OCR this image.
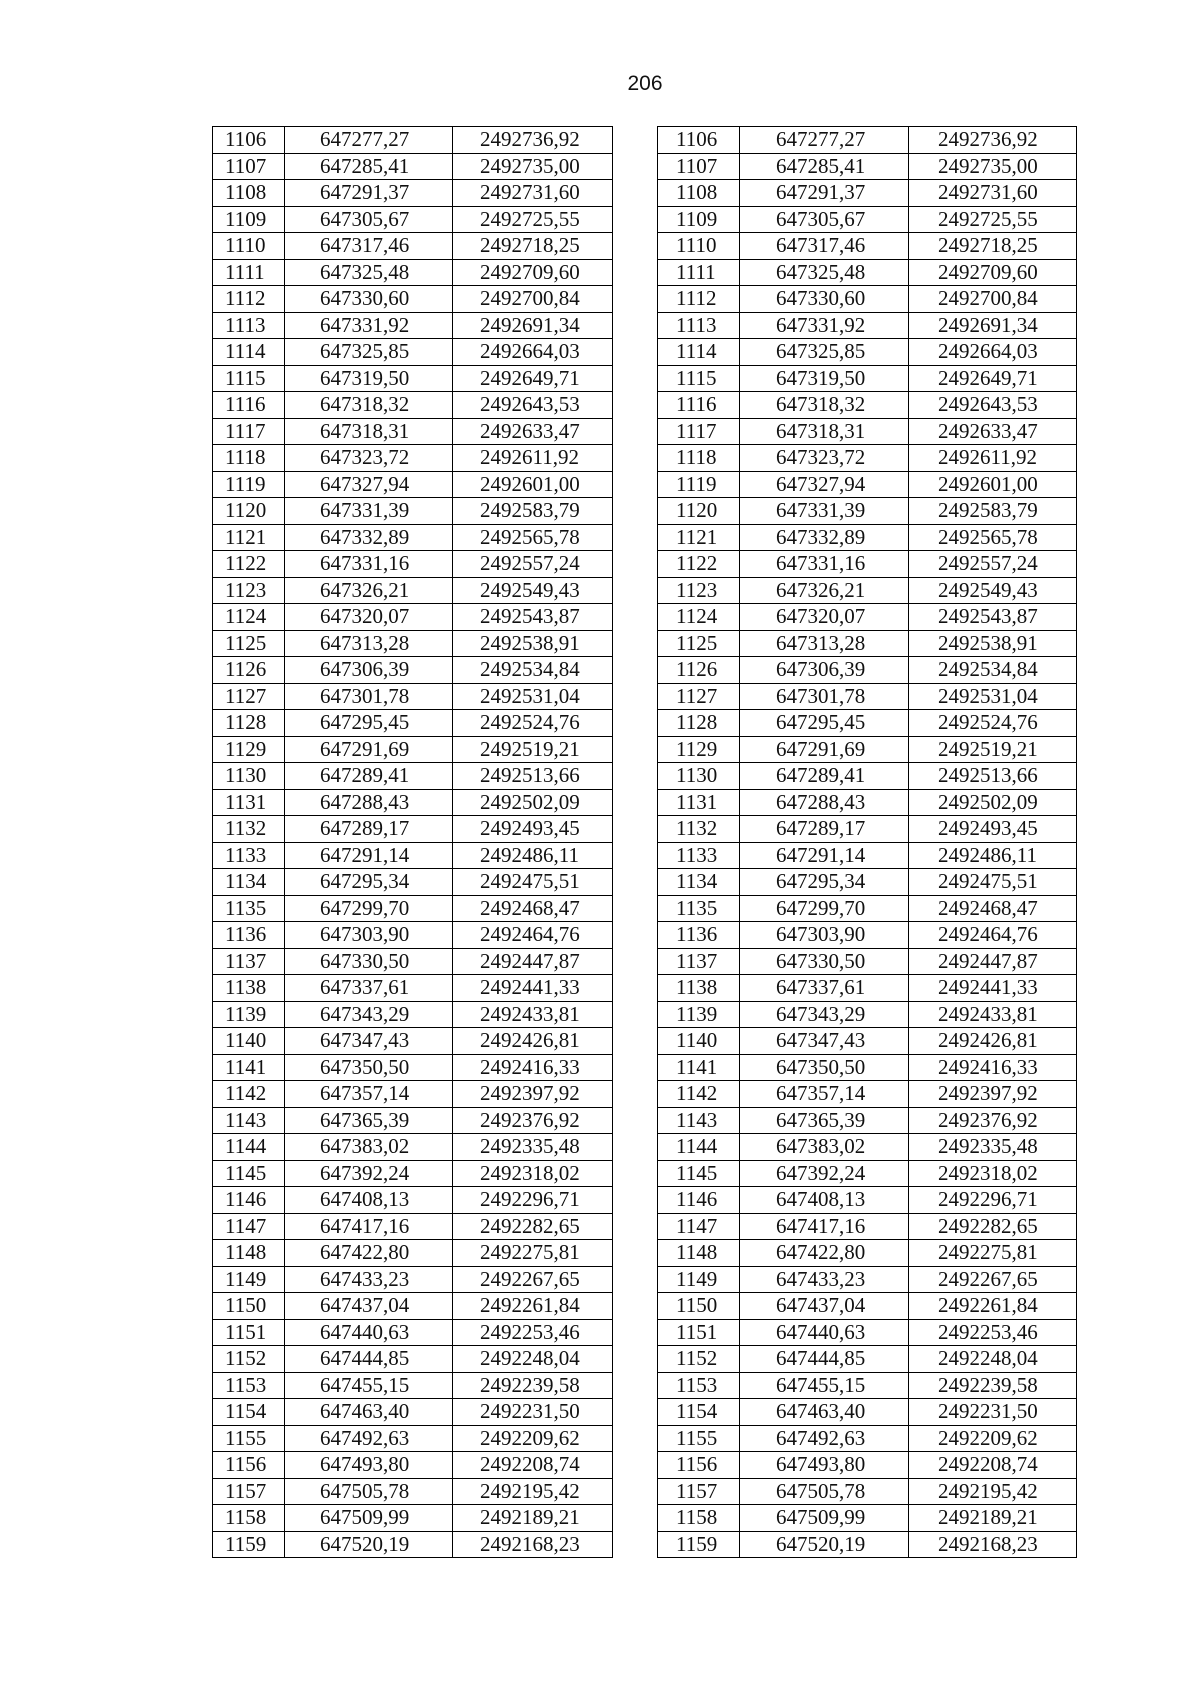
206
1106	647277,27	2492736,92		1106	647277,27	2492736,92
1107	647285,41	2492735,00		1107	647285,41	2492735,00
1108	647291,37	2492731,60		1108	647291,37	2492731,60
1109	647305,67	2492725,55		1109	647305,67	2492725,55
1110	647317,46	2492718,25		1110	647317,46	2492718,25
1111	647325,48	2492709,60		1111	647325,48	2492709,60
1112	647330,60	2492700,84		1112	647330,60	2492700,84
1113	647331,92	2492691,34		1113	647331,92	2492691,34
1114	647325,85	2492664,03		1114	647325,85	2492664,03
1115	647319,50	2492649,71		1115	647319,50	2492649,71
1116	647318,32	2492643,53		1116	647318,32	2492643,53
1117	647318,31	2492633,47		1117	647318,31	2492633,47
1118	647323,72	2492611,92		1118	647323,72	2492611,92
1119	647327,94	2492601,00		1119	647327,94	2492601,00
1120	647331,39	2492583,79		1120	647331,39	2492583,79
1121	647332,89	2492565,78		1121	647332,89	2492565,78
1122	647331,16	2492557,24		1122	647331,16	2492557,24
1123	647326,21	2492549,43		1123	647326,21	2492549,43
1124	647320,07	2492543,87		1124	647320,07	2492543,87
1125	647313,28	2492538,91		1125	647313,28	2492538,91
1126	647306,39	2492534,84		1126	647306,39	2492534,84
1127	647301,78	2492531,04		1127	647301,78	2492531,04
1128	647295,45	2492524,76		1128	647295,45	2492524,76
1129	647291,69	2492519,21		1129	647291,69	2492519,21
1130	647289,41	2492513,66		1130	647289,41	2492513,66
1131	647288,43	2492502,09		1131	647288,43	2492502,09
1132	647289,17	2492493,45		1132	647289,17	2492493,45
1133	647291,14	2492486,11		1133	647291,14	2492486,11
1134	647295,34	2492475,51		1134	647295,34	2492475,51
1135	647299,70	2492468,47		1135	647299,70	2492468,47
1136	647303,90	2492464,76		1136	647303,90	2492464,76
1137	647330,50	2492447,87		1137	647330,50	2492447,87
1138	647337,61	2492441,33		1138	647337,61	2492441,33
1139	647343,29	2492433,81		1139	647343,29	2492433,81
1140	647347,43	2492426,81		1140	647347,43	2492426,81
1141	647350,50	2492416,33		1141	647350,50	2492416,33
1142	647357,14	2492397,92		1142	647357,14	2492397,92
1143	647365,39	2492376,92		1143	647365,39	2492376,92
1144	647383,02	2492335,48		1144	647383,02	2492335,48
1145	647392,24	2492318,02		1145	647392,24	2492318,02
1146	647408,13	2492296,71		1146	647408,13	2492296,71
1147	647417,16	2492282,65		1147	647417,16	2492282,65
1148	647422,80	2492275,81		1148	647422,80	2492275,81
1149	647433,23	2492267,65		1149	647433,23	2492267,65
1150	647437,04	2492261,84		1150	647437,04	2492261,84
1151	647440,63	2492253,46		1151	647440,63	2492253,46
1152	647444,85	2492248,04		1152	647444,85	2492248,04
1153	647455,15	2492239,58		1153	647455,15	2492239,58
1154	647463,40	2492231,50		1154	647463,40	2492231,50
1155	647492,63	2492209,62		1155	647492,63	2492209,62
1156	647493,80	2492208,74		1156	647493,80	2492208,74
1157	647505,78	2492195,42		1157	647505,78	2492195,42
1158	647509,99	2492189,21		1158	647509,99	2492189,21
1159	647520,19	2492168,23		1159	647520,19	2492168,23
